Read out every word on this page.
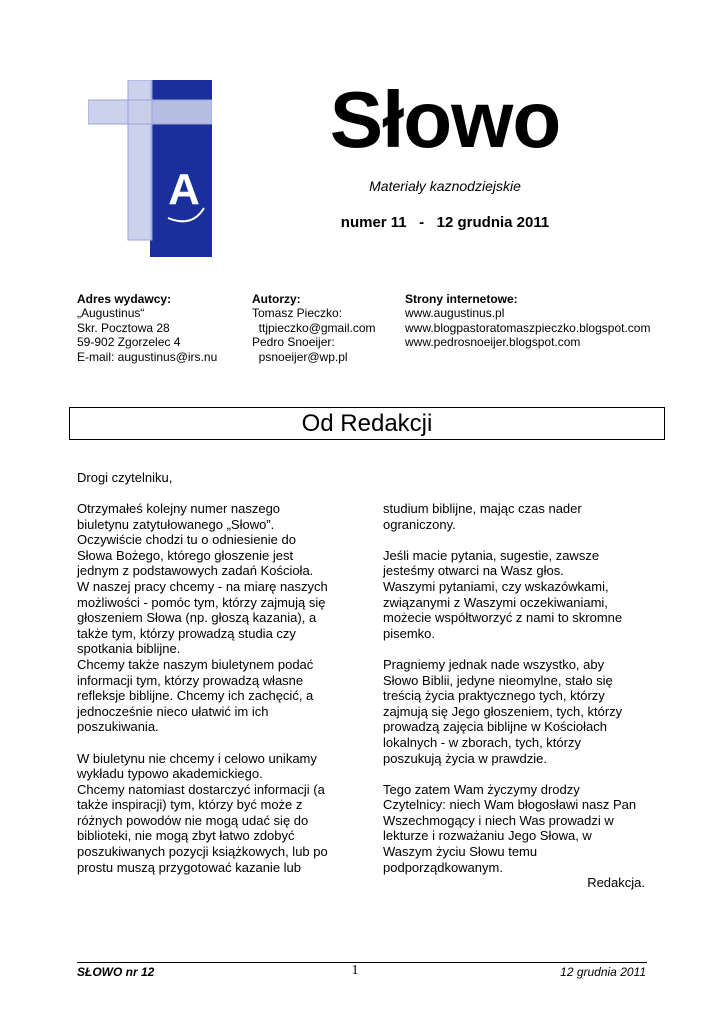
A
Słowo
Materiały kaznodziejskie
numer 11   -   12 grudnia 2011
Adres wydawcy:
„Augustinus“
Skr. Pocztowa 28
59-902 Zgorzelec 4
E-mail: augustinus@irs.nu
Autorzy:
Tomasz Pieczko:
ttjpieczko@gmail.com
Pedro Snoeijer:
psnoeijer@wp.pl
Strony internetowe:
www.augustinus.pl
www.blogpastoratomaszpieczko.blogspot.com
www.pedrosnoeijer.blogspot.com
Od Redakcji
Drogi czytelniku,
Otrzymałeś kolejny numer naszego
biuletynu zatytułowanego „Słowo”.
Oczywiście chodzi tu o odniesienie do
Słowa Bożego, którego głoszenie jest
jednym z podstawowych zadań Kościoła.
W naszej pracy chcemy - na miarę naszych
możliwości - pomóc tym, którzy zajmują się
głoszeniem Słowa (np. głoszą kazania), a
także tym, którzy prowadzą studia czy
spotkania biblijne.
Chcemy także naszym biuletynem podać
informacji tym, którzy prowadzą własne
refleksje biblijne. Chcemy ich zachęcić, a
jednocześnie nieco ułatwić im ich
poszukiwania.
W biuletynu nie chcemy i celowo unikamy
wykładu typowo akademickiego.
Chcemy natomiast dostarczyć informacji (a
także inspiracji) tym, którzy być może z
różnych powodów nie mogą udać się do
biblioteki, nie mogą zbyt łatwo zdobyć
poszukiwanych pozycji książkowych, lub po
prostu muszą przygotować kazanie lub
studium biblijne, mając czas nader
ograniczony.
Jeśli macie pytania, sugestie, zawsze
jesteśmy otwarci na Wasz głos.
Waszymi pytaniami, czy wskazówkami,
związanymi z Waszymi oczekiwaniami,
możecie współtworzyć z nami to skromne
pisemko.
Pragniemy jednak nade wszystko, aby
Słowo Biblii, jedyne nieomylne, stało się
treścią życia praktycznego tych, którzy
zajmują się Jego głoszeniem, tych, którzy
prowadzą zajęcia biblijne w Kościołach
lokalnych - w zborach, tych, którzy
poszukują życia w prawdzie.
Tego zatem Wam życzymy drodzy
Czytelnicy: niech Wam błogosławi nasz Pan
Wszechmogący i niech Was prowadzi w
lekturze i rozważaniu Jego Słowa, w
Waszym życiu Słowu temu
podporządkowanym.
Redakcja.
SŁOWO nr 12	1	12 grudnia 2011
